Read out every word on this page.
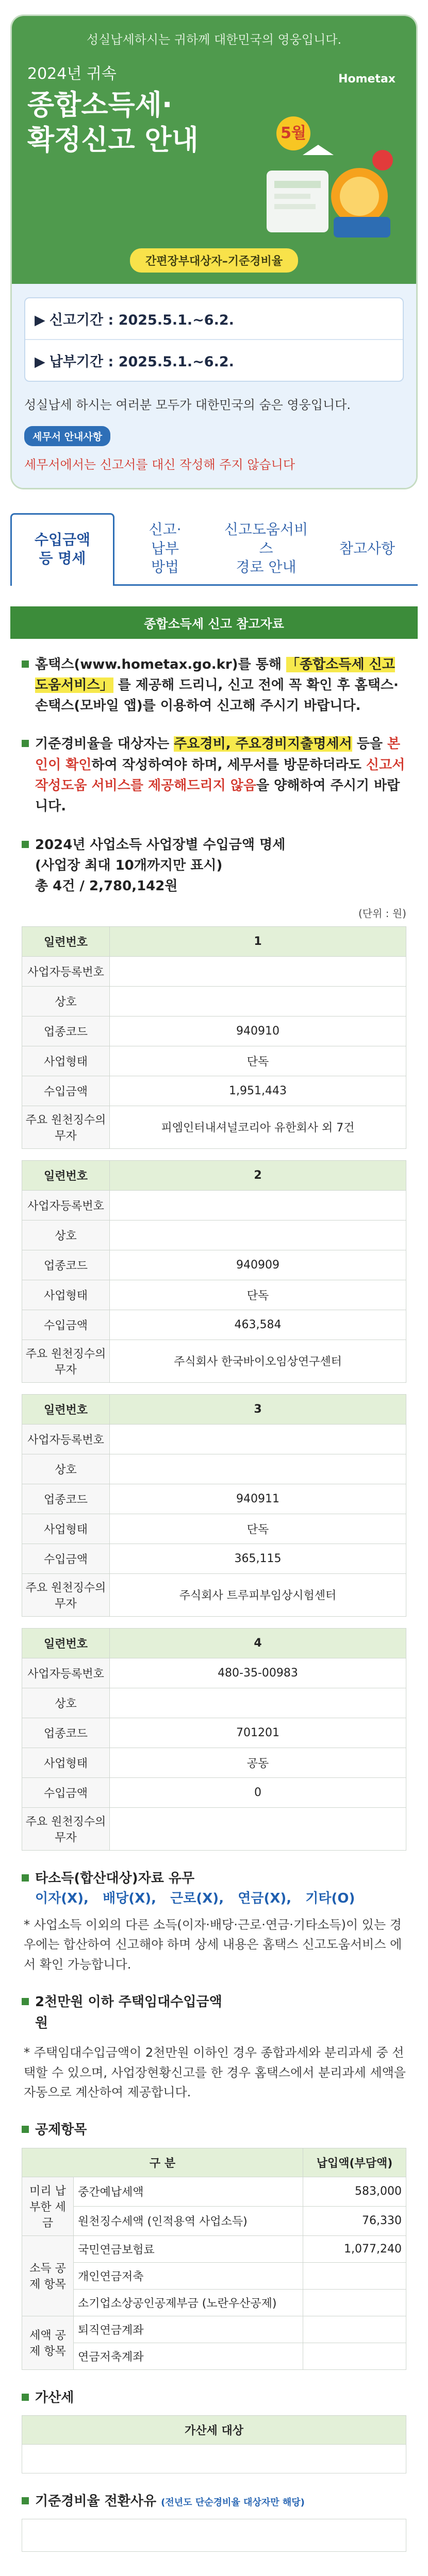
성실납세하시는 귀하께 대한민국의 영웅입니다.
2024년 귀속
종합소득세·
확정신고 안내
Hometax
5월
간편장부대상자–기준경비율
▶ 신고기간 : 2025.5.1.∼6.2.
▶ 납부기간 : 2025.5.1.∼6.2.
성실납세 하시는 여러분 모두가 대한민국의 숨은 영웅입니다.
세무서 안내사항
세무서에서는 신고서를 대신 작성해 주지 않습니다
수입금액
등 명세
신고·
납부
방법
신고도움서비스
경로 안내
참고사항
종합소득세 신고 참고자료
홈택스(www.hometax.go.kr)를 통해 「종합소득세 신고 도움서비스」 를 제공해 드리니, 신고 전에 꼭 확인 후 홈택스·손택스(모바일 앱)를 이용하여 신고해 주시기 바랍니다.
기준경비율을 대상자는 주요경비, 주요경비지출명세서 등을 본인이 확인하여 작성하여야 하며, 세무서를 방문하더라도 신고서 작성도움 서비스를 제공해드리지 않음을 양해하여 주시기 바랍니다.
2024년 사업소득 사업장별 수입금액 명세
(사업장 최대 10개까지만 표시)
총 4건 / 2,780,142원
(단위 : 원)
일련번호	1
사업자등록번호	
상호	
업종코드	940910
사업형태	단독
수입금액	1,951,443
주요 원천징수의무자	피엠인터내셔널코리아 유한회사 외 7건
일련번호	2
사업자등록번호	
상호	
업종코드	940909
사업형태	단독
수입금액	463,584
주요 원천징수의무자	주식회사 한국바이오임상연구센터
일련번호	3
사업자등록번호	
상호	
업종코드	940911
사업형태	단독
수입금액	365,115
주요 원천징수의무자	주식회사 트루피부임상시험센터
일련번호	4
사업자등록번호	480-35-00983
상호	
업종코드	701201
사업형태	공동
수입금액	0
주요 원천징수의무자	
타소득(합산대상)자료 유무
이자(X),   배당(X),   근로(X),   연금(X),   기타(O)
* 사업소득 이외의 다른 소득(이자·배당·근로·연금·기타소득)이 있는 경우에는 합산하여 신고해야 하며 상세 내용은 홈택스 신고도움서비스 에서 확인 가능합니다.
2천만원 이하 주택임대수입금액
원
* 주택임대수입금액이 2천만원 이하인 경우 종합과세와 분리과세 중 선택할 수 있으며, 사업장현황신고를 한 경우 홈택스에서 분리과세 세액을 자동으로 계산하여 제공합니다.
공제항목
구 분		납입액(부담액)
미리 납부한 세금	중간예납세액	583,000
	원천징수세액 (인적용역 사업소득)	76,330
소득 공제 항목	국민연금보험료	1,077,240
	개인연금저축	
	소기업소상공인공제부금 (노란우산공제)	
세액 공제 항목	퇴직연금계좌	
	연금저축계좌	
가산세
가산세 대상

기준경비율 전환사유 (전년도 단순경비율 대상자만 해당)
